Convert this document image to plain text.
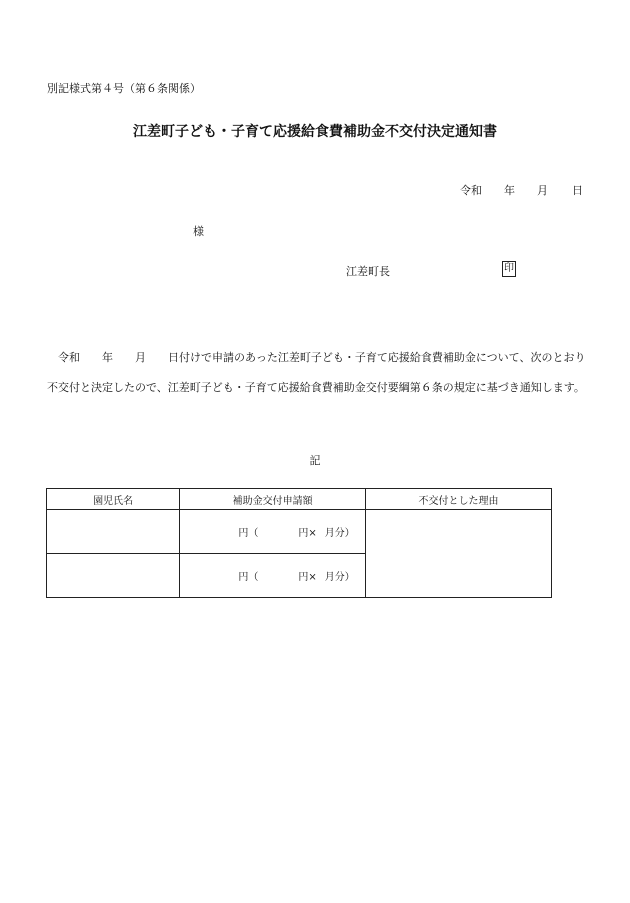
別記様式第４号（第６条関係）
江差町子ども・子育て応援給食費補助金不交付決定通知書
令和 年 月 日
様
江差町長	印
令和　　年　　月　　日付けで申請のあった江差町子ども・子育て応援給食費補助金について、次のとおり不交付と決定したので、江差町子ども・子育て応援給食費補助金交付要綱第６条の規定に基づき通知します。
記
園児氏名	補助金交付申請額	不交付とした理由
	円（ 円× 月分）	
	円（ 円× 月分）	
